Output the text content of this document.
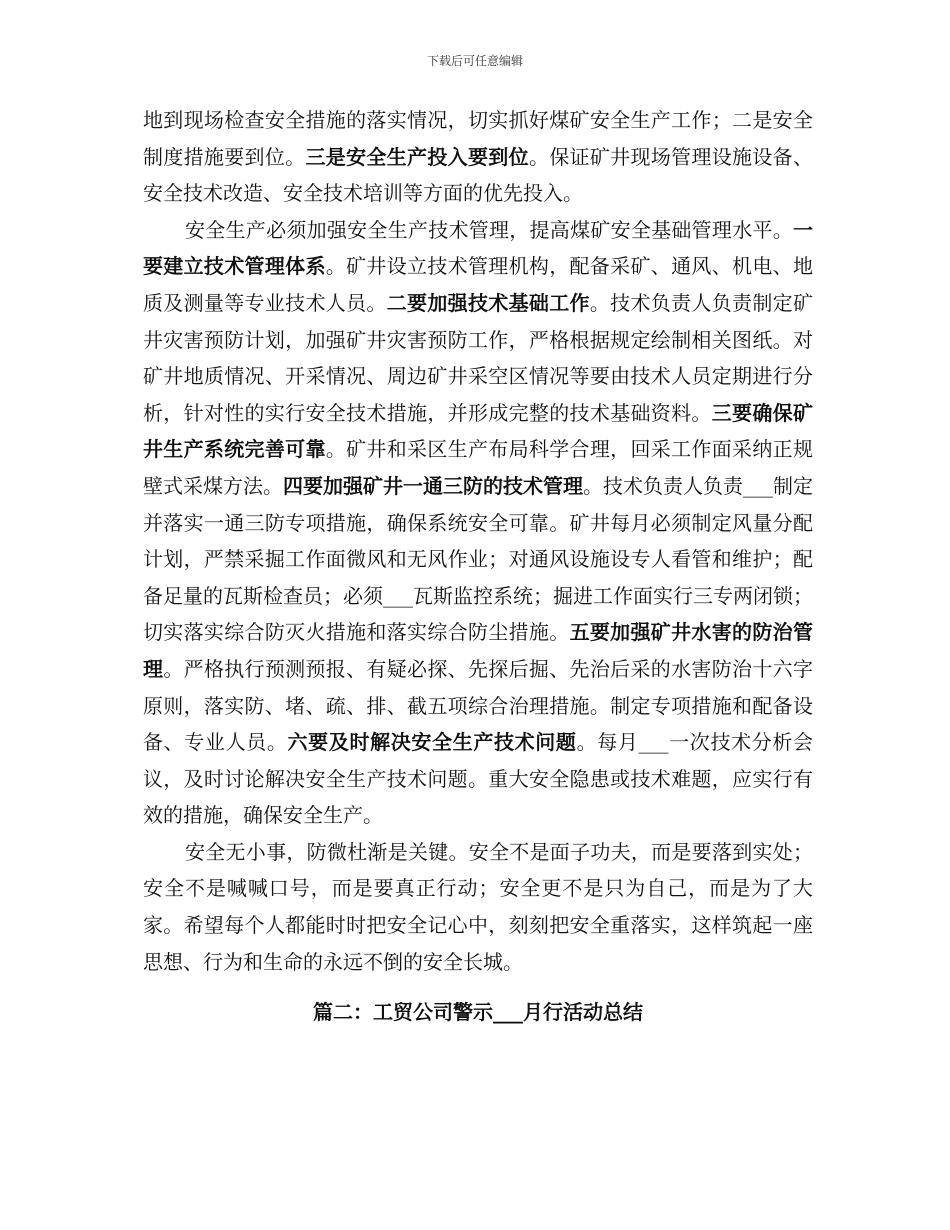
下载后可任意编辑

地到现场检查安全措施的落实情况，切实抓好煤矿安全生产工作；二是安全制度措施要到位。三是安全生产投入要到位。保证矿井现场管理设施设备、安全技术改造、安全技术培训等方面的优先投入。

安全生产必须加强安全生产技术管理，提高煤矿安全基础管理水平。一要建立技术管理体系。矿井设立技术管理机构，配备采矿、通风、机电、地质及测量等专业技术人员。二要加强技术基础工作。技术负责人负责制定矿井灾害预防计划，加强矿井灾害预防工作，严格根据规定绘制相关图纸。对矿井地质情况、开采情况、周边矿井采空区情况等要由技术人员定期进行分析，针对性的实行安全技术措施，并形成完整的技术基础资料。三要确保矿井生产系统完善可靠。矿井和采区生产布局科学合理，回采工作面采纳正规壁式采煤方法。四要加强矿井一通三防的技术管理。技术负责人负责___制定并落实一通三防专项措施，确保系统安全可靠。矿井每月必须制定风量分配计划，严禁采掘工作面微风和无风作业；对通风设施设专人看管和维护；配备足量的瓦斯检查员；必须___瓦斯监控系统；掘进工作面实行三专两闭锁；切实落实综合防灭火措施和落实综合防尘措施。五要加强矿井水害的防治管理。严格执行预测预报、有疑必探、先探后掘、先治后采的水害防治十六字原则，落实防、堵、疏、排、截五项综合治理措施。制定专项措施和配备设备、专业人员。六要及时解决安全生产技术问题。每月___一次技术分析会议，及时讨论解决安全生产技术问题。重大安全隐患或技术难题，应实行有效的措施，确保安全生产。

安全无小事，防微杜渐是关键。安全不是面子功夫，而是要落到实处；安全不是喊喊口号，而是要真正行动；安全更不是只为自己，而是为了大家。希望每个人都能时时把安全记心中，刻刻把安全重落实，这样筑起一座思想、行为和生命的永远不倒的安全长城。

篇二：工贸公司警示___月行活动总结
